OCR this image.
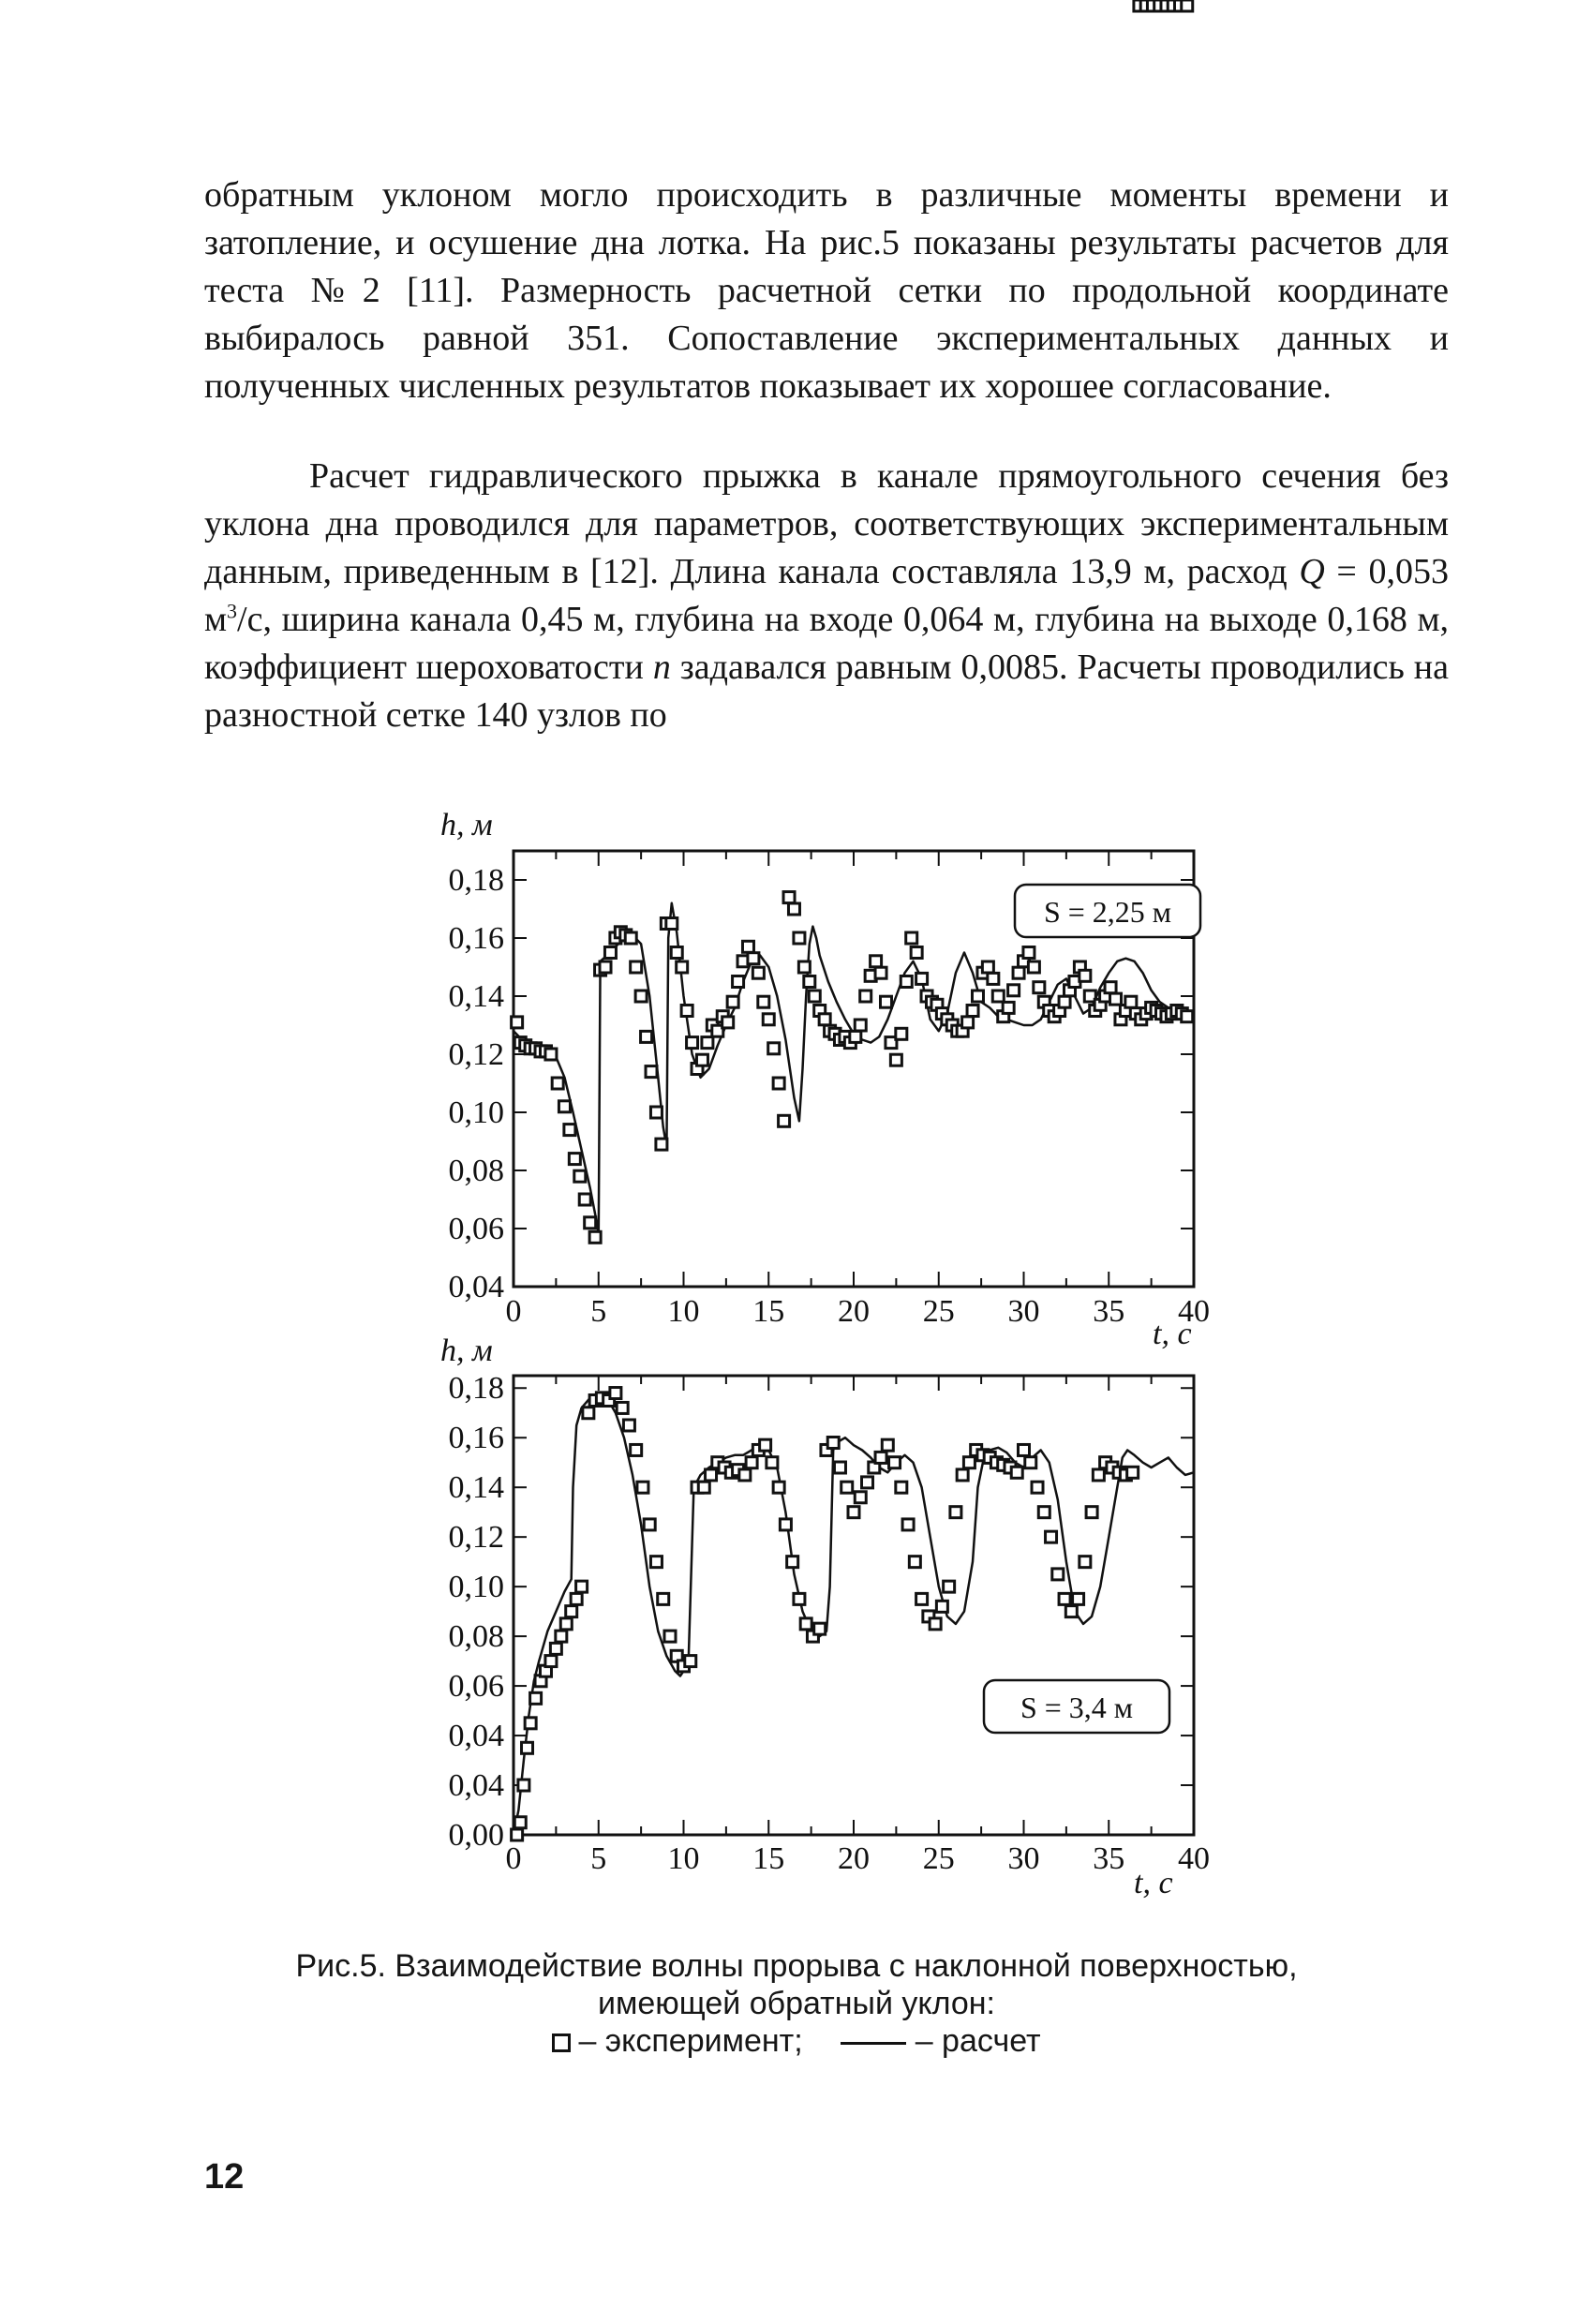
обратным уклоном могло происходить в различные моменты времени и затопление, и осушение дна лотка. На рис.5 показаны результаты расчетов для теста №2 [11]. Размерность расчетной сетки по продольной координате выбиралось равной 351. Сопоставление экспериментальных данных и полученных численных результатов показывает их хорошее согласование.

Расчет гидравлического прыжка в канале прямоугольного сечения без уклона дна проводился для параметров, соответствующих экспериментальным данным, приведенным в [12]. Длина канала составляла 13,9 м, расход Q = 0,053 $м^3/с$, ширина канала 0,45 м, глубина на входе 0,064 м, глубина на выходе 0,168 м, коэффициент шероховатости n задавался равным 0,0085. Расчеты проводились на разностной сетке 140 узлов по

0 5 10 15 20 25 30 35 40
0,18
0,16
0,14
0,12
0,10
0,08
0,06
0,04
h, м
t, с
S = 2,25 м
0 5 10 15 20 25 30 35 40
0,18
0,16
0,14
0,12
0,10
0,08
0,06
0,04
0,04
0,00
h, м
t, с
S = 3,4 м
Рис.5. Взаимодействие волны прорыва с наклонной поверхностью,
имеющей обратный уклон:
– эксперимент;	– расчет
12
